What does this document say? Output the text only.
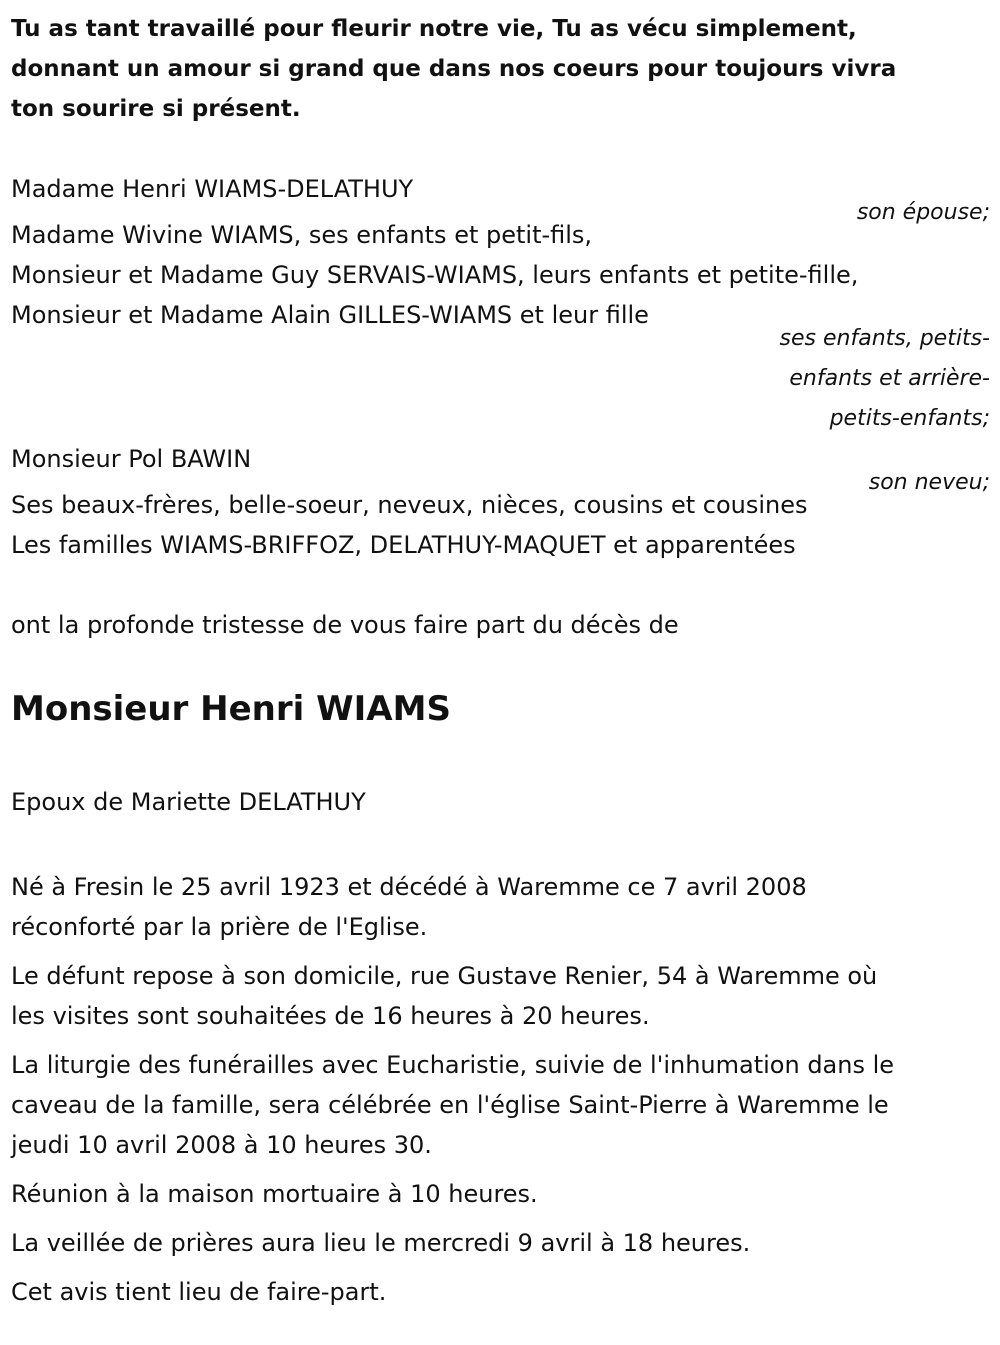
Tu as tant travaillé pour fleurir notre vie, Tu as vécu simplement,
donnant un amour si grand que dans nos coeurs pour toujours vivra
ton sourire si présent.
Madame Henri WIAMS-DELATHUY
son épouse;
Madame Wivine WIAMS, ses enfants et petit-fils,
Monsieur et Madame Guy SERVAIS-WIAMS, leurs enfants et petite-fille,
Monsieur et Madame Alain GILLES-WIAMS et leur fille
ses enfants, petits-
enfants et arrière-
petits-enfants;
Monsieur Pol BAWIN
son neveu;
Ses beaux-frères, belle-soeur, neveux, nièces, cousins et cousines
Les familles WIAMS-BRIFFOZ, DELATHUY-MAQUET et apparentées
ont la profonde tristesse de vous faire part du décès de
Monsieur Henri WIAMS
Epoux de Mariette DELATHUY
Né à Fresin le 25 avril 1923 et décédé à Waremme ce 7 avril 2008
réconforté par la prière de l'Eglise.
Le défunt repose à son domicile, rue Gustave Renier, 54 à Waremme où
les visites sont souhaitées de 16 heures à 20 heures.
La liturgie des funérailles avec Eucharistie, suivie de l'inhumation dans le
caveau de la famille, sera célébrée en l'église Saint-Pierre à Waremme le
jeudi 10 avril 2008 à 10 heures 30.
Réunion à la maison mortuaire à 10 heures.
La veillée de prières aura lieu le mercredi 9 avril à 18 heures.
Cet avis tient lieu de faire-part.
